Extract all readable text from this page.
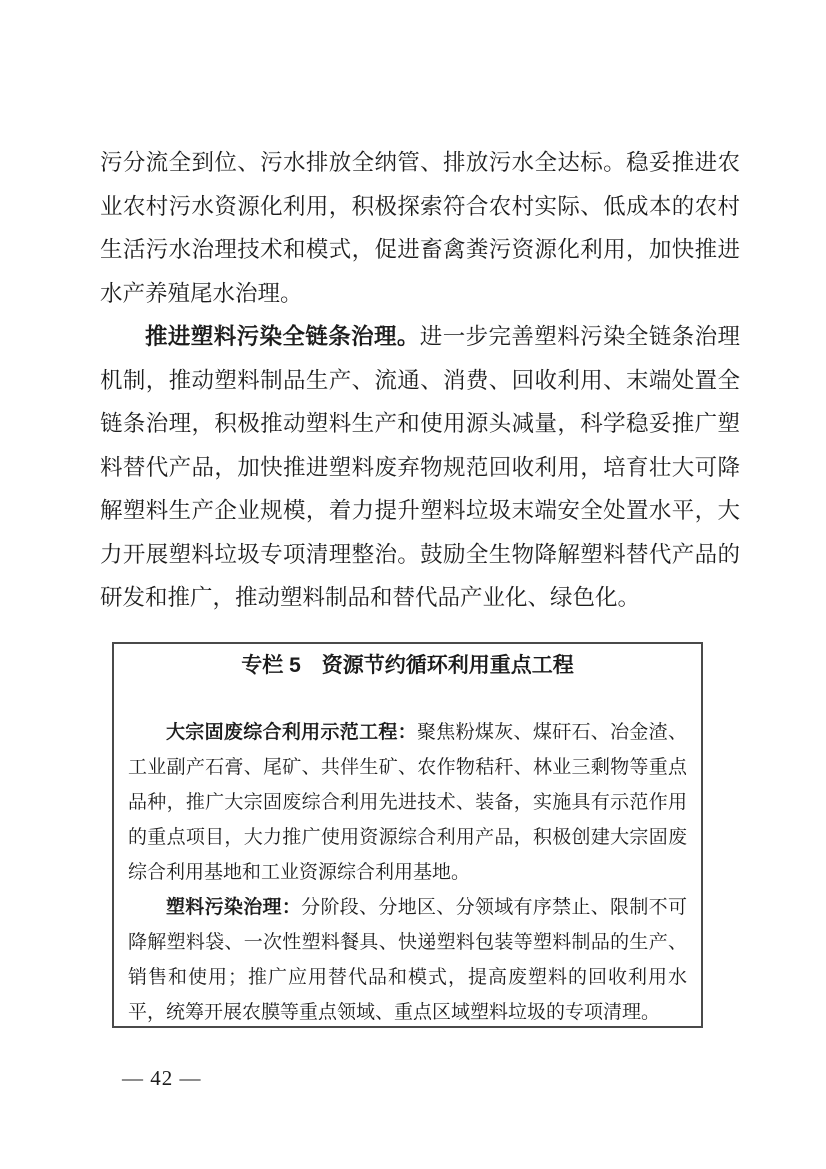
污分流全到位、污水排放全纳管、排放污水全达标。稳妥推进农业农村污水资源化利用，积极探索符合农村实际、低成本的农村生活污水治理技术和模式，促进畜禽粪污资源化利用，加快推进水产养殖尾水治理。

推进塑料污染全链条治理。进一步完善塑料污染全链条治理机制，推动塑料制品生产、流通、消费、回收利用、末端处置全链条治理，积极推动塑料生产和使用源头减量，科学稳妥推广塑料替代产品，加快推进塑料废弃物规范回收利用，培育壮大可降解塑料生产企业规模，着力提升塑料垃圾末端安全处置水平，大力开展塑料垃圾专项清理整治。鼓励全生物降解塑料替代产品的研发和推广，推动塑料制品和替代品产业化、绿色化。

专栏 5　资源节约循环利用重点工程

大宗固废综合利用示范工程：聚焦粉煤灰、煤矸石、冶金渣、工业副产石膏、尾矿、共伴生矿、农作物秸秆、林业三剩物等重点品种，推广大宗固废综合利用先进技术、装备，实施具有示范作用的重点项目，大力推广使用资源综合利用产品，积极创建大宗固废综合利用基地和工业资源综合利用基地。

塑料污染治理：分阶段、分地区、分领域有序禁止、限制不可降解塑料袋、一次性塑料餐具、快递塑料包装等塑料制品的生产、销售和使用；推广应用替代品和模式，提高废塑料的回收利用水平，统筹开展农膜等重点领域、重点区域塑料垃圾的专项清理。

— 42 —
